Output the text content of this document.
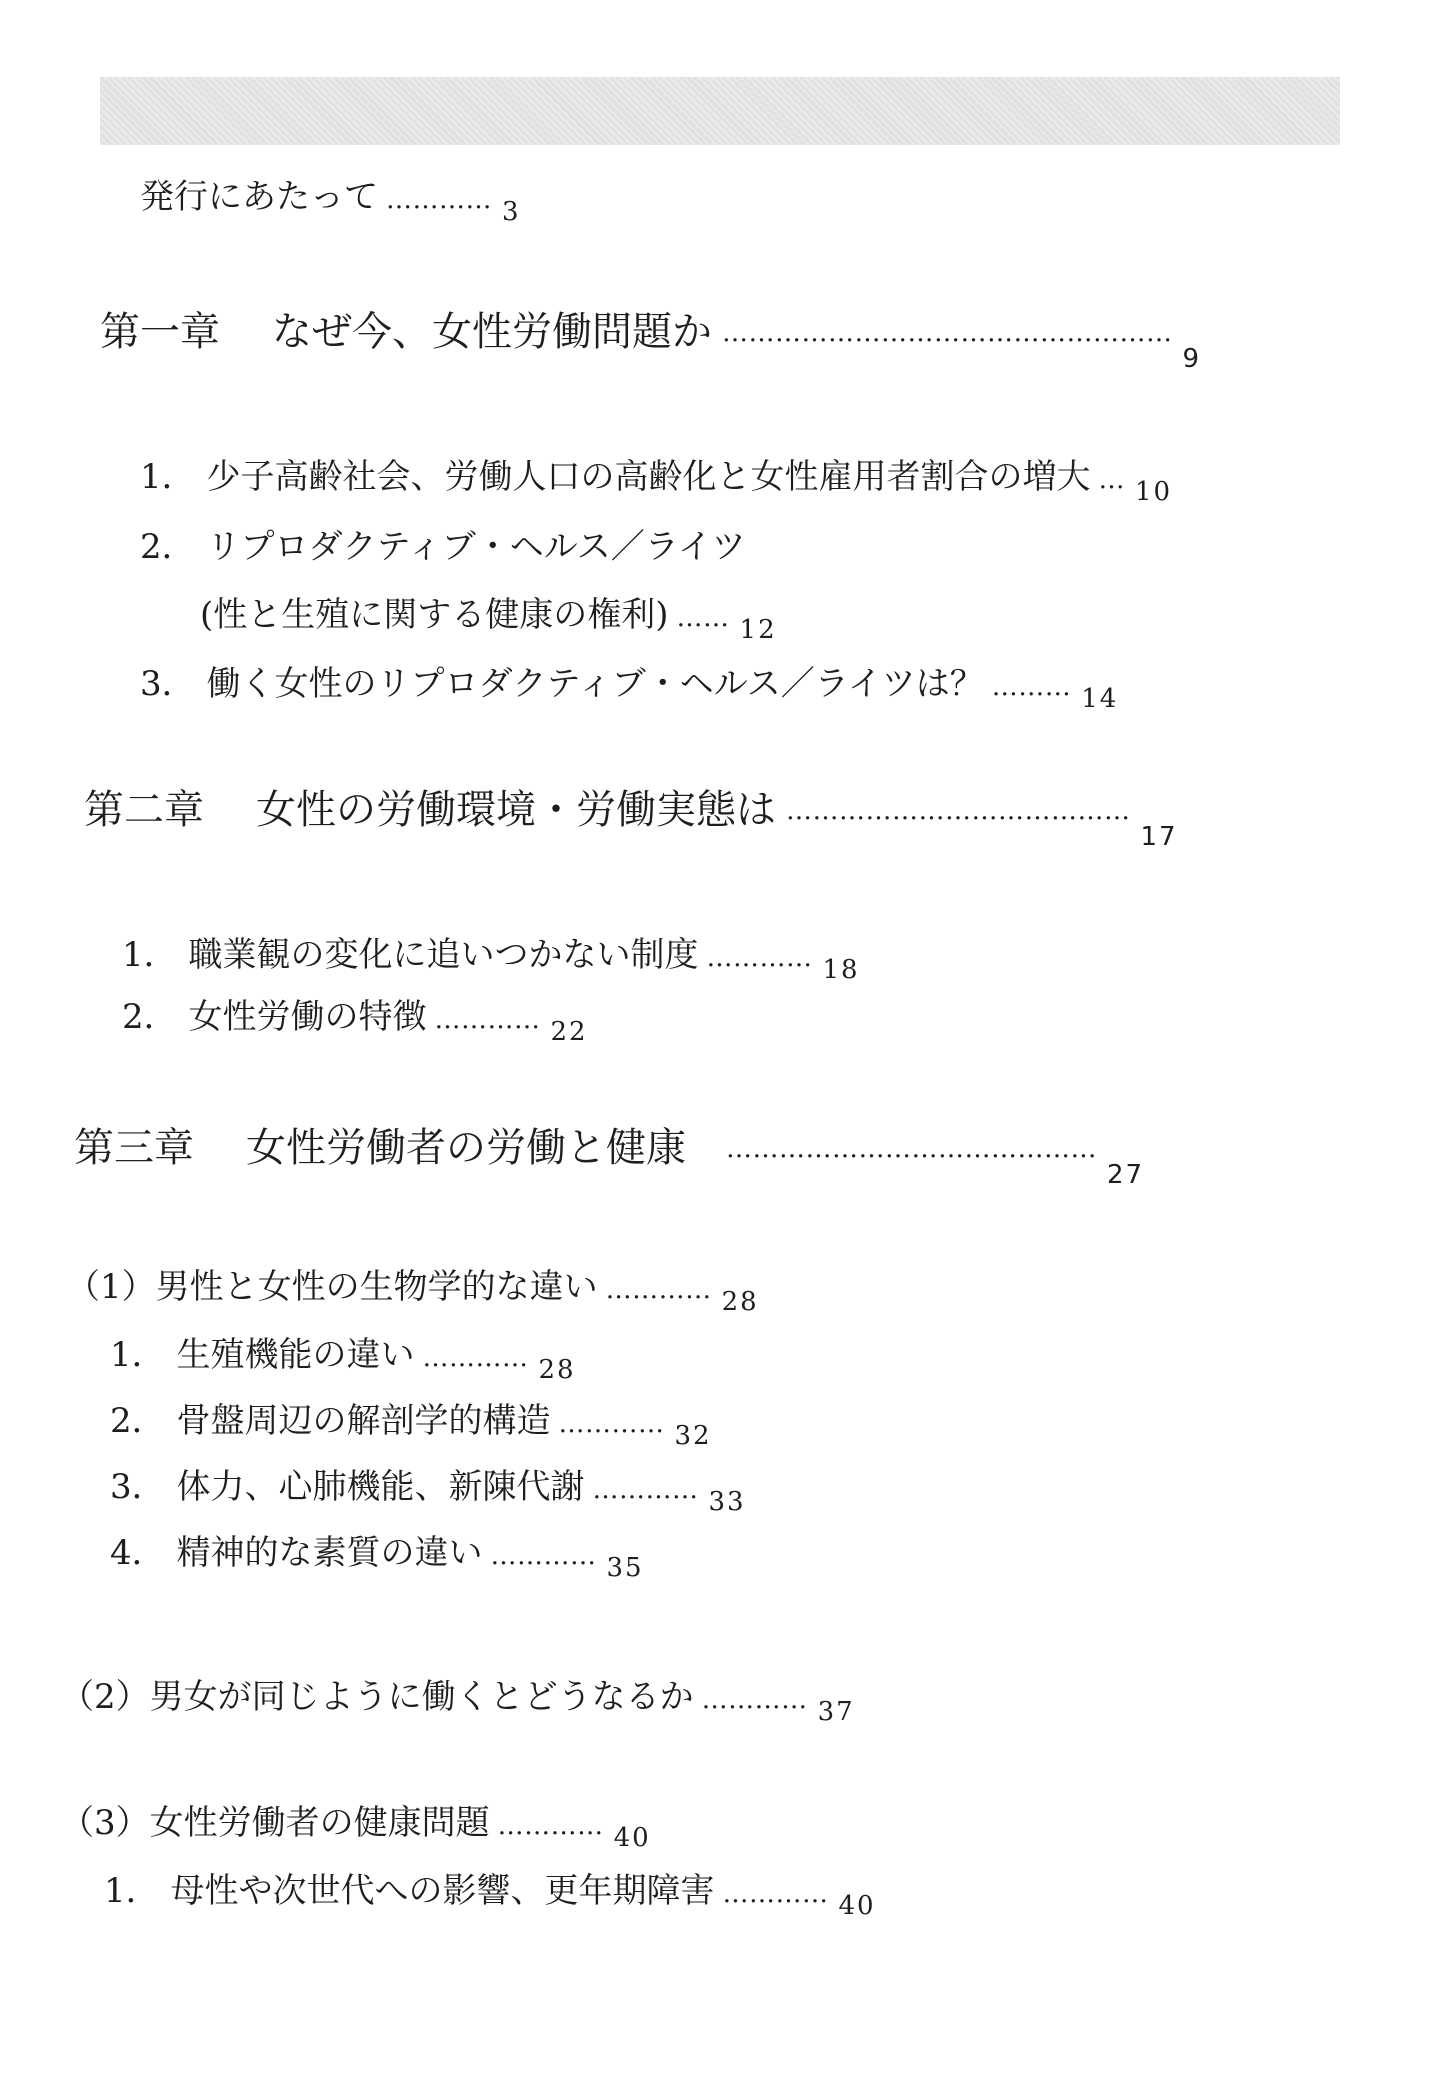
発行にあたって ………… 3
第一章 なぜ今、女性労働問題か ……………………………………………9
1． 少子高齢社会、労働人口の高齢化と女性雇用者割合の増大 … 10
2． リプロダクティブ・ヘルス／ライツ
(性と生殖に関する健康の権利) …… 12
3． 働く女性のリプロダクティブ・ヘルス／ライツは？ ……… 14
第二章 女性の労働環境・労働実態は …………………………………17
1． 職業観の変化に追いつかない制度 ………… 18
2． 女性労働の特徴 ………… 22
第三章 女性労働者の労働と健康 ……………………………………27
（1）男性と女性の生物学的な違い ………… 28
1． 生殖機能の違い ………… 28
2． 骨盤周辺の解剖学的構造 ………… 32
3． 体力、心肺機能、新陳代謝 ………… 33
4． 精神的な素質の違い ………… 35
（2）男女が同じように働くとどうなるか ………… 37
（3）女性労働者の健康問題 ………… 40
1． 母性や次世代への影響、更年期障害 ………… 40
